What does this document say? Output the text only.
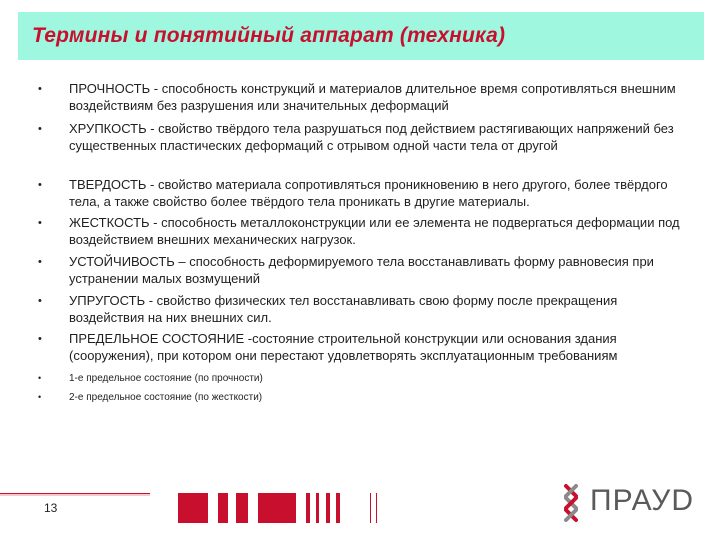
Термины и понятийный аппарат (техника)
• ПРОЧНОСТЬ - способность конструкций и материалов длительное время сопротивляться внешним воздействиям без разрушения или значительных деформаций
• ХРУПКОСТЬ - свойство твёрдого тела разрушаться под действием растягивающих напряжений без существенных пластических деформаций с отрывом одной части тела от другой
• ТВЕРДОСТЬ - свойство материала сопротивляться проникновению в него другого, более твёрдого тела, а также свойство более твёрдого тела проникать в другие материалы.
• ЖЕСТКОСТЬ - способность металлоконструкции или ее элемента не подвергаться деформации под воздействием внешних механических нагрузок.
• УСТОЙЧИВОСТЬ – способность деформируемого тела восстанавливать форму равновесия при устранении малых возмущений
• УПРУГОСТЬ - свойство физических тел восстанавливать свою форму после прекращения воздействия на них внешних сил.
• ПРЕДЕЛЬНОЕ СОСТОЯНИЕ -состояние строительной конструкции или основания здания (сооружения), при котором они перестают удовлетворять эксплуатационным требованиям
•	1-е предельное состояние (по прочности)
•	2-е предельное состояние (по жесткости)
13	ПРАУD
